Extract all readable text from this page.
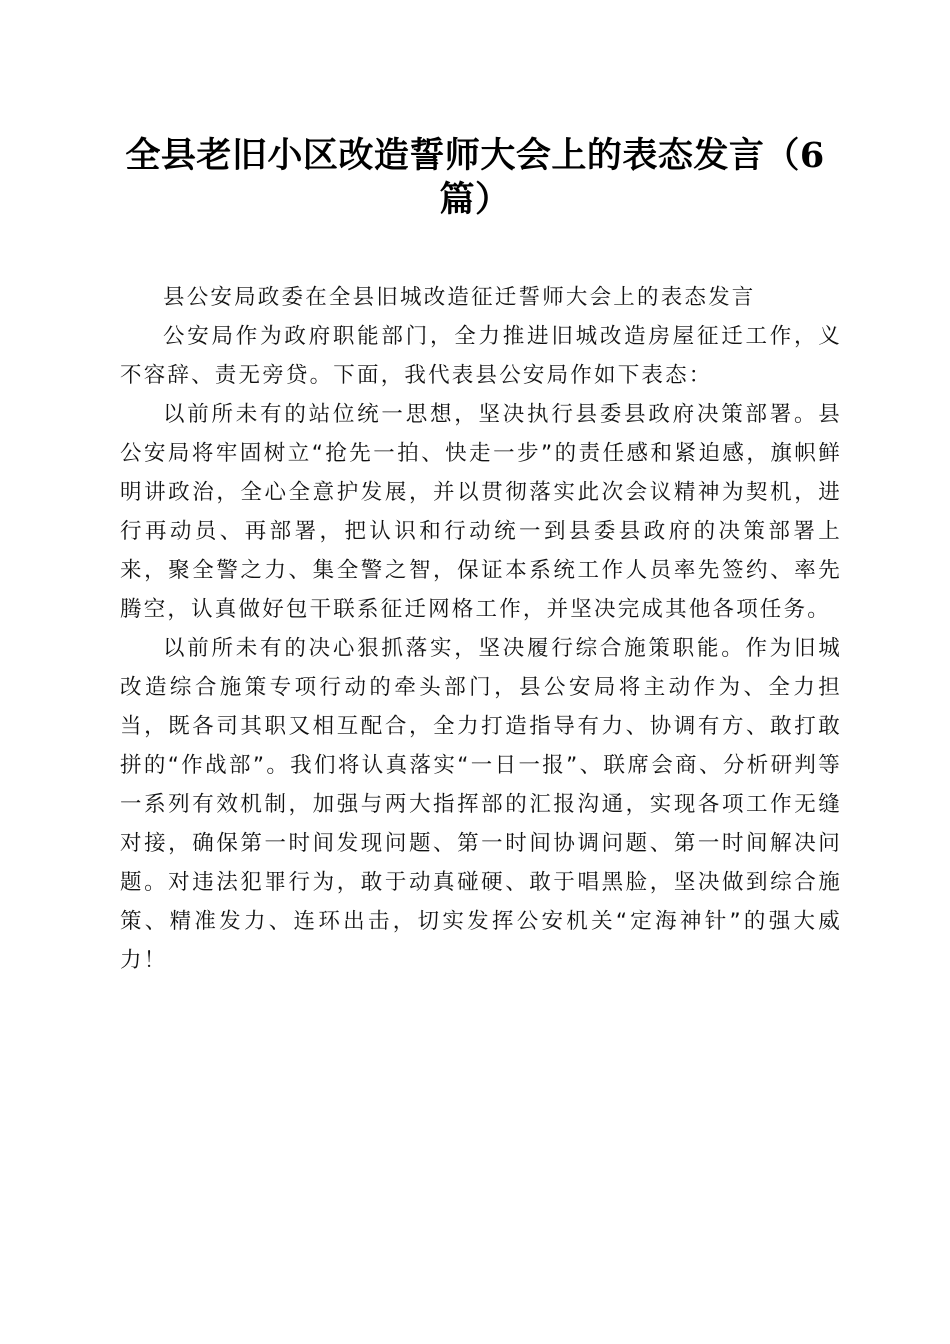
全县老旧小区改造誓师大会上的表态发言（6篇）

县公安局政委在全县旧城改造征迁誓师大会上的表态发言

公安局作为政府职能部门，全力推进旧城改造房屋征迁工作，义不容辞、责无旁贷。下面，我代表县公安局作如下表态：

以前所未有的站位统一思想，坚决执行县委县政府决策部署。县公安局将牢固树立“抢先一拍、快走一步”的责任感和紧迫感，旗帜鲜明讲政治，全心全意护发展，并以贯彻落实此次会议精神为契机，进行再动员、再部署，把认识和行动统一到县委县政府的决策部署上来，聚全警之力、集全警之智，保证本系统工作人员率先签约、率先腾空，认真做好包干联系征迁网格工作，并坚决完成其他各项任务。

以前所未有的决心狠抓落实，坚决履行综合施策职能。作为旧城改造综合施策专项行动的牵头部门，县公安局将主动作为、全力担当，既各司其职又相互配合，全力打造指导有力、协调有方、敢打敢拼的“作战部”。我们将认真落实“一日一报”、联席会商、分析研判等一系列有效机制，加强与两大指挥部的汇报沟通，实现各项工作无缝对接，确保第一时间发现问题、第一时间协调问题、第一时间解决问题。对违法犯罪行为，敢于动真碰硬、敢于唱黑脸，坚决做到综合施策、精准发力、连环出击，切实发挥公安机关“定海神针”的强大威力！
